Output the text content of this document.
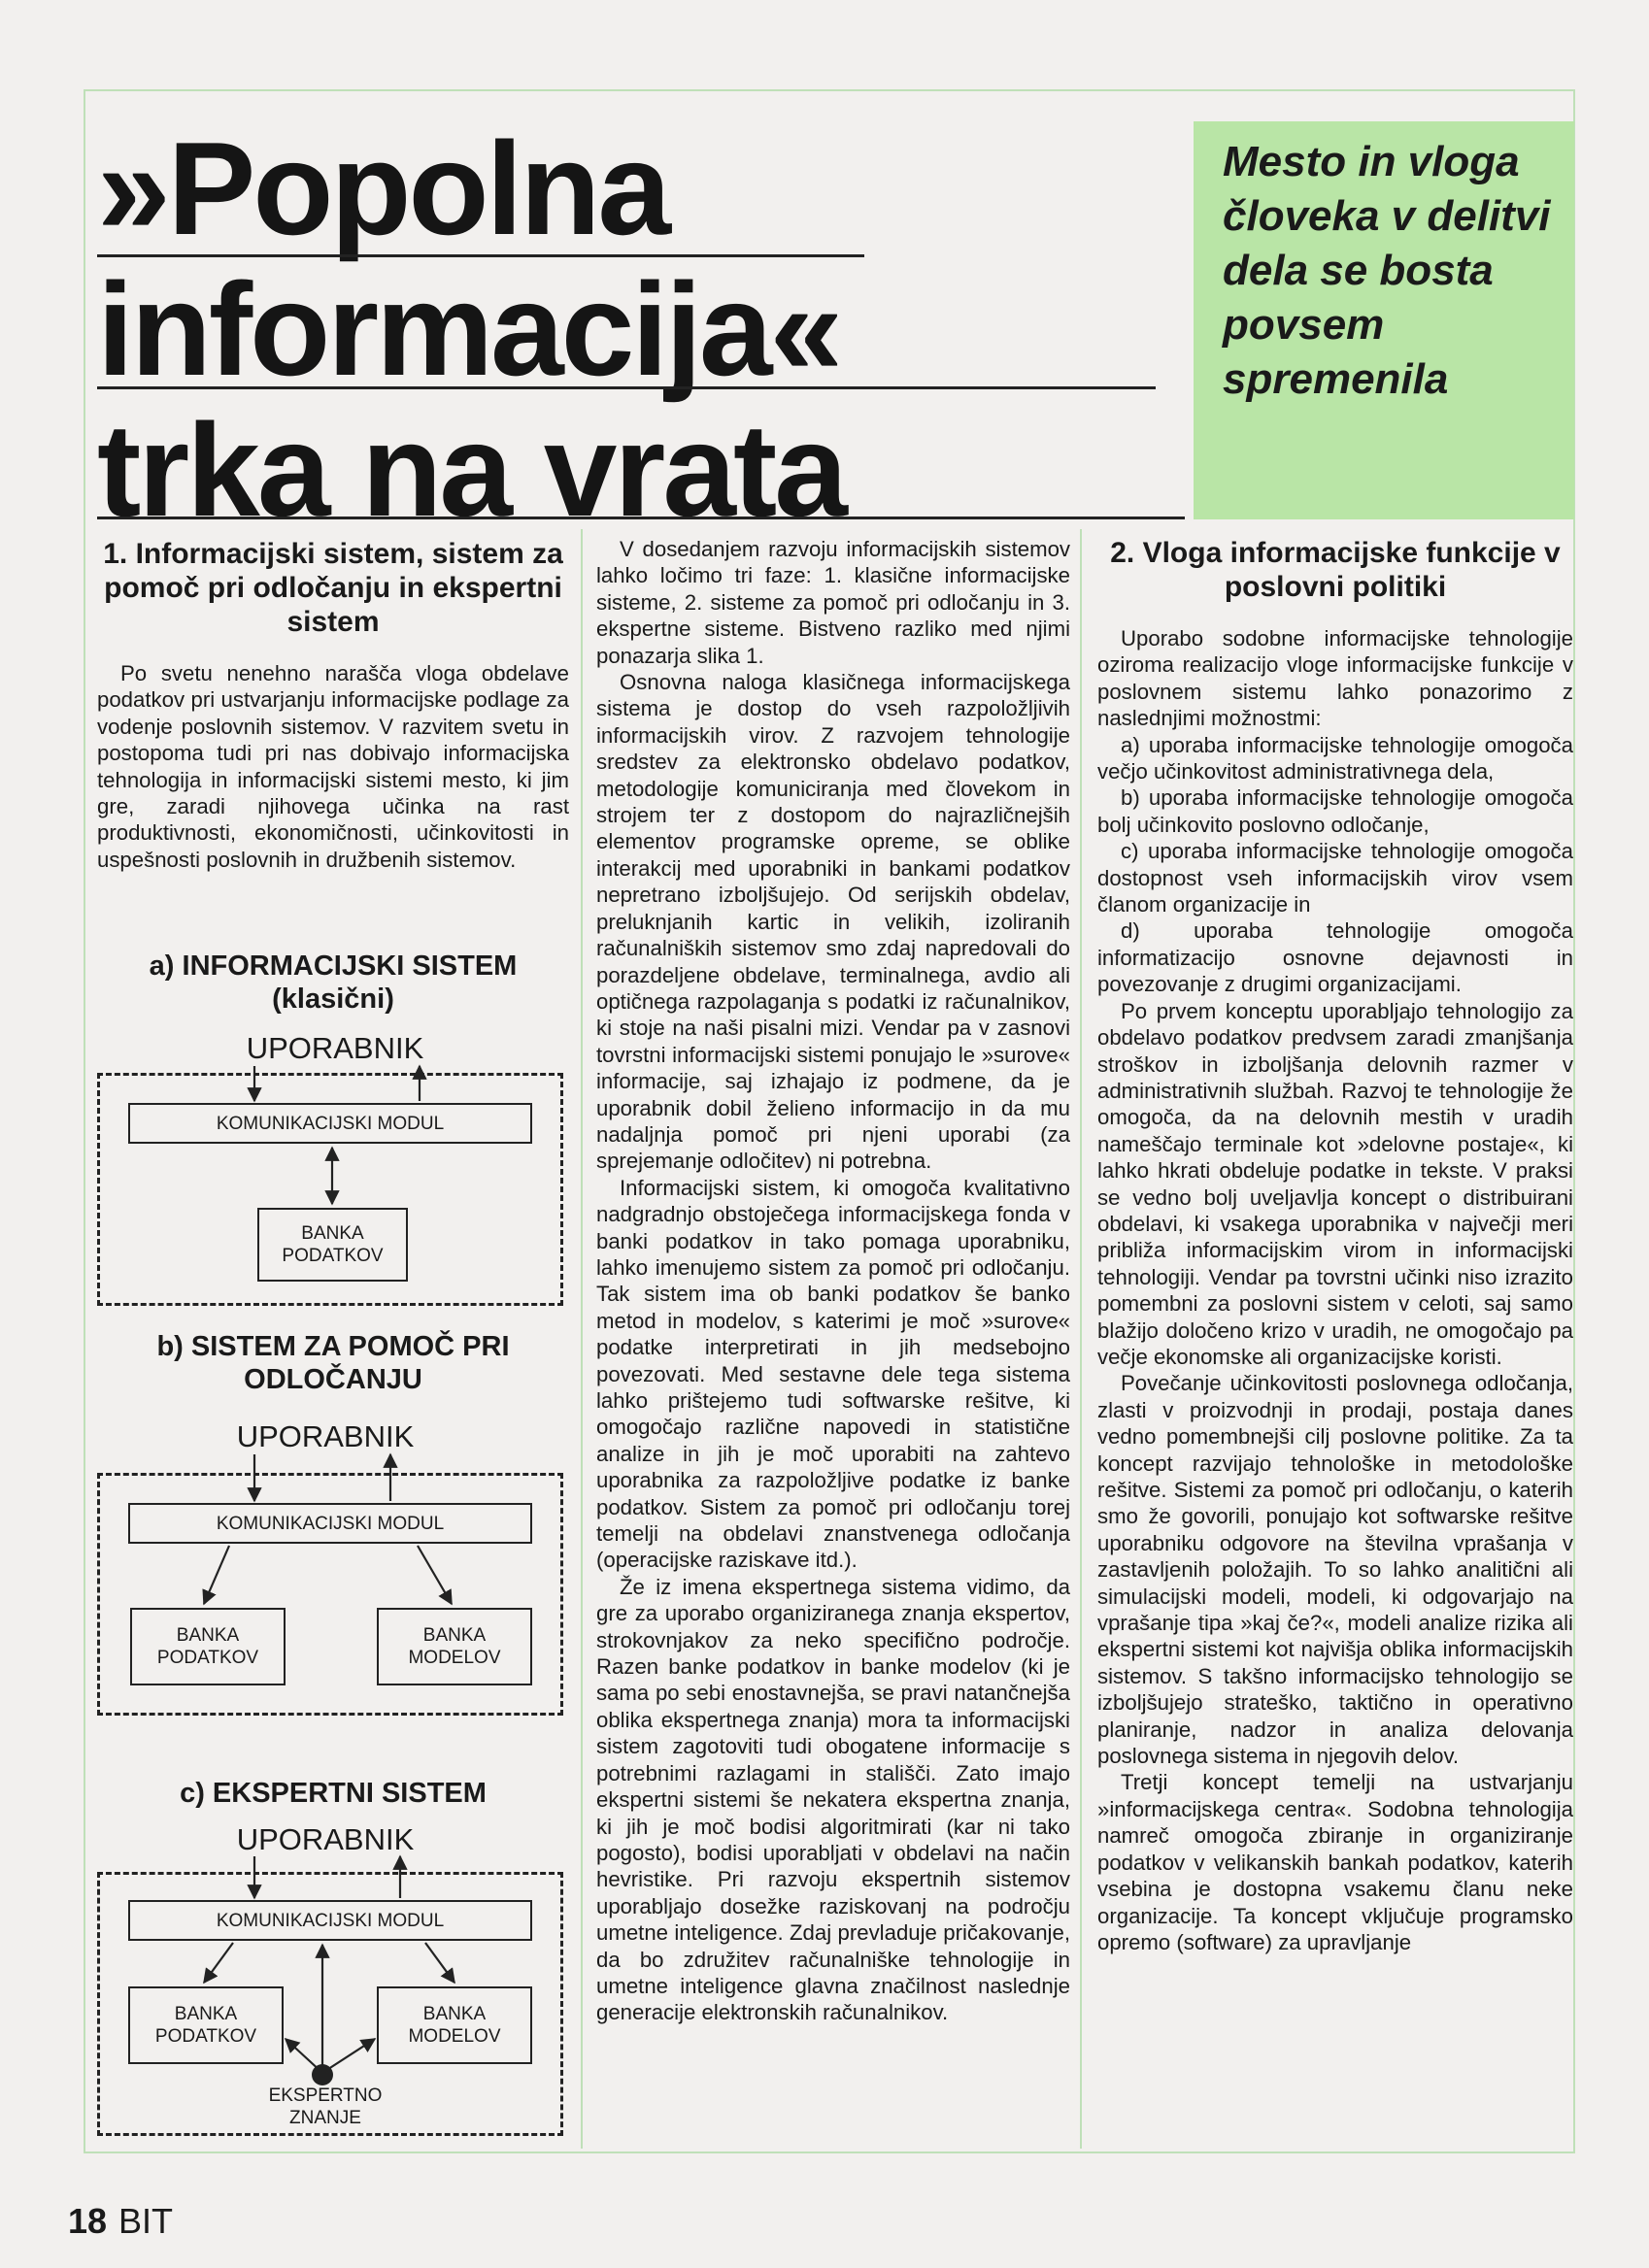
»Popolna
informacija«
trka na vrata

Mesto in vloga človeka v delitvi dela se bosta povsem spremenila

1. Informacijski sistem, sistem za pomoč pri odločanju in ekspertni sistem

Po svetu nenehno narašča vloga obdelave podatkov pri ustvarjanju informacijske podlage za vodenje poslovnih sistemov. V razvitem svetu in postopoma tudi pri nas dobivajo informacijska tehnologija in informacijski sistemi mesto, ki jim gre, zaradi njihovega učinka na rast produktivnosti, ekonomičnosti, učinkovitosti in uspešnosti poslovnih in družbenih sistemov.

a) INFORMACIJSKI SISTEM (klasični)
UPORABNIK
KOMUNIKACIJSKI MODUL
BANKA PODATKOV
b) SISTEM ZA POMOČ PRI ODLOČANJU
UPORABNIK
KOMUNIKACIJSKI MODUL
BANKA PODATKOV
BANKA MODELOV
c) EKSPERTNI SISTEM
UPORABNIK
KOMUNIKACIJSKI MODUL
BANKA PODATKOV
BANKA MODELOV
EKSPERTNO ZNANJE

V dosedanjem razvoju informacijskih sistemov lahko ločimo tri faze: 1. klasične informacijske sisteme, 2. sisteme za pomoč pri odločanju in 3. ekspertne sisteme. Bistveno razliko med njimi ponazarja slika 1.

Osnovna naloga klasičnega informacijskega sistema je dostop do vseh razpoložljivih informacijskih virov. Z razvojem tehnologije sredstev za elektronsko obdelavo podatkov, metodologije komuniciranja med človekom in strojem ter z dostopom do najrazličnejših elementov programske opreme, se oblike interakcij med uporabniki in bankami podatkov nepretrano izboljšujejo. Od serijskih obdelav, preluknjanih kartic in velikih, izoliranih računalniških sistemov smo zdaj napredovali do porazdeljene obdelave, terminalnega, avdio ali optičnega razpolaganja s podatki iz računalnikov, ki stoje na naši pisalni mizi. Vendar pa v zasnovi tovrstni informacijski sistemi ponujajo le »surove« informacije, saj izhajajo iz podmene, da je uporabnik dobil želieno informacijo in da mu nadaljnja pomoč pri njeni uporabi (za sprejemanje odločitev) ni potrebna.

Informacijski sistem, ki omogoča kvalitativno nadgradnjo obstoječega informacijskega fonda v banki podatkov in tako pomaga uporabniku, lahko imenujemo sistem za pomoč pri odločanju. Tak sistem ima ob banki podatkov še banko metod in modelov, s katerimi je moč »surove« podatke interpretirati in jih medsebojno povezovati. Med sestavne dele tega sistema lahko prištejemo tudi softwarske rešitve, ki omogočajo različne napovedi in statistične analize in jih je moč uporabiti na zahtevo uporabnika za razpoložljive podatke iz banke podatkov. Sistem za pomoč pri odločanju torej temelji na obdelavi znanstvenega odločanja (operacijske raziskave itd.).

Že iz imena ekspertnega sistema vidimo, da gre za uporabo organiziranega znanja ekspertov, strokovnjakov za neko specifično področje. Razen banke podatkov in banke modelov (ki je sama po sebi enostavnejša, se pravi natančnejša oblika ekspertnega znanja) mora ta informacijski sistem zagotoviti tudi obogatene informacije s potrebnimi razlagami in stališči. Zato imajo ekspertni sistemi še nekatera ekspertna znanja, ki jih je moč bodisi algoritmirati (kar ni tako pogosto), bodisi uporabljati v obdelavi na način hevristike. Pri razvoju ekspertnih sistemov uporabljajo dosežke raziskovanj na področju umetne inteligence. Zdaj prevladuje pričakovanje, da bo združitev računalniške tehnologije in umetne inteligence glavna značilnost naslednje generacije elektronskih računalnikov.

2. Vloga informacijske funkcije v poslovni politiki

Uporabo sodobne informacijske tehnologije oziroma realizacijo vloge informacijske funkcije v poslovnem sistemu lahko ponazorimo z naslednjimi možnostmi:

a) uporaba informacijske tehnologije omogoča večjo učinkovitost administrativnega dela,

b) uporaba informacijske tehnologije omogoča bolj učinkovito poslovno odločanje,

c) uporaba informacijske tehnologije omogoča dostopnost vseh informacijskih virov vsem članom organizacije in

d) uporaba tehnologije omogoča informatizacijo osnovne dejavnosti in povezovanje z drugimi organizacijami.

Po prvem konceptu uporabljajo tehnologijo za obdelavo podatkov predvsem zaradi zmanjšanja stroškov in izboljšanja delovnih razmer v administrativnih službah. Razvoj te tehnologije že omogoča, da na delovnih mestih v uradih nameščajo terminale kot »delovne postaje«, ki lahko hkrati obdeluje podatke in tekste. V praksi se vedno bolj uveljavlja koncept o distribuirani obdelavi, ki vsakega uporabnika v največji meri približa informacijskim virom in informacijski tehnologiji. Vendar pa tovrstni učinki niso izrazito pomembni za poslovni sistem v celoti, saj samo blažijo določeno krizo v uradih, ne omogočajo pa večje ekonomske ali organizacijske koristi.

Povečanje učinkovitosti poslovnega odločanja, zlasti v proizvodnji in prodaji, postaja danes vedno pomembnejši cilj poslovne politike. Za ta koncept razvijajo tehnološke in metodološke rešitve. Sistemi za pomoč pri odločanju, o katerih smo že govorili, ponujajo kot softwarske rešitve uporabniku odgovore na številna vprašanja v zastavljenih položajih. To so lahko analitični ali simulacijski modeli, modeli, ki odgovarjajo na vprašanje tipa »kaj če?«, modeli analize rizika ali ekspertni sistemi kot najvišja oblika informacijskih sistemov. S takšno informacijsko tehnologijo se izboljšujejo strateško, taktično in operativno planiranje, nadzor in analiza delovanja poslovnega sistema in njegovih delov.

Tretji koncept temelji na ustvarjanju »informacijskega centra«. Sodobna tehnologija namreč omogoča zbiranje in organiziranje podatkov v velikanskih bankah podatkov, katerih vsebina je dostopna vsakemu članu neke organizacije. Ta koncept vključuje programsko opremo (software) za upravljanje

18 BIT
